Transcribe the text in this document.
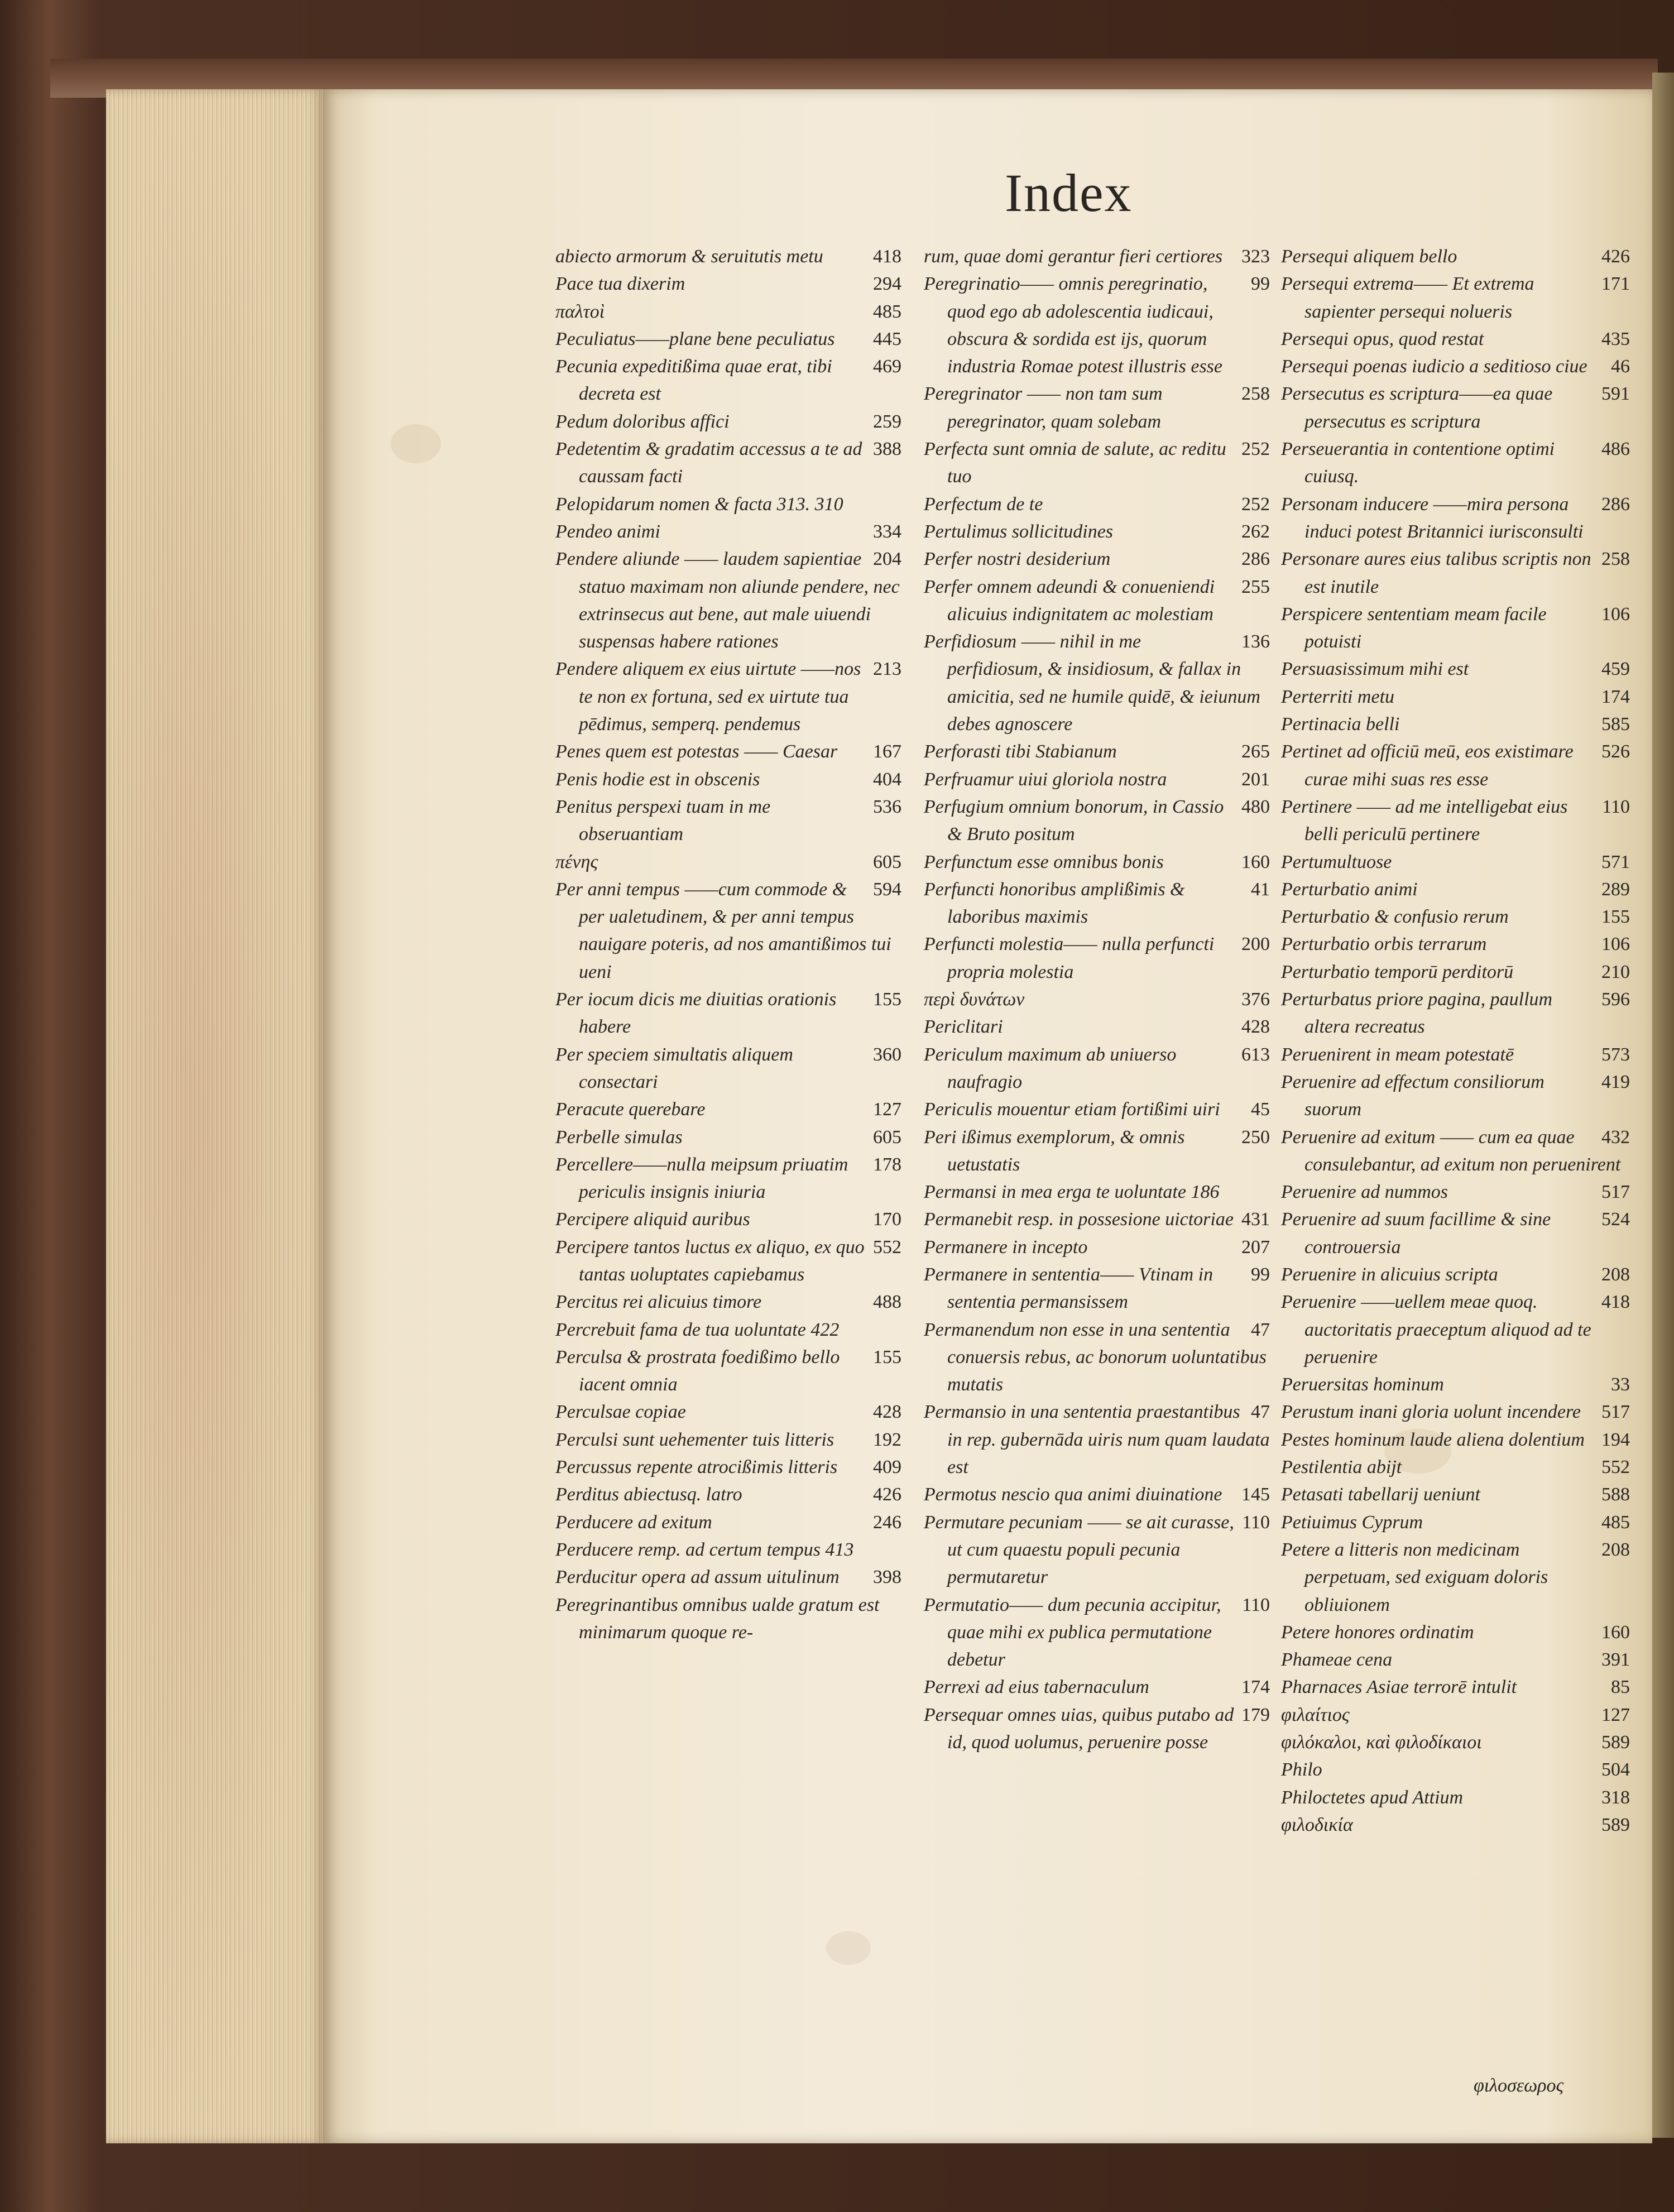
Index
418
abiecto armorum & seruitutis metu
294
Pace tua dixerim
485
παλτοὶ
445
Peculiatus——plane bene peculiatus
469
Pecunia expeditißima quae erat, tibi decreta est
259
Pedum doloribus affici
388
Pedetentim & gradatim accessus a te ad caussam facti
Pelopidarum nomen & facta 313. 310
334
Pendeo animi
204
Pendere aliunde —— laudem sapientiae statuo maximam non aliunde pendere, nec extrinsecus aut bene, aut male uiuendi suspensas habere rationes
213
Pendere aliquem ex eius uirtute ——nos te non ex fortuna, sed ex uirtute tua pēdimus, semperq. pendemus
167
Penes quem est potestas —— Caesar
404
Penis hodie est in obscenis
536
Penitus perspexi tuam in me obseruantiam
605
πένης
594
Per anni tempus ——cum commode & per ualetudinem, & per anni tempus nauigare poteris, ad nos amantißimos tui ueni
155
Per iocum dicis me diuitias orationis habere
360
Per speciem simultatis aliquem consectari
127
Peracute querebare
605
Perbelle simulas
178
Percellere——nulla meipsum priuatim periculis insignis iniuria
170
Percipere aliquid auribus
552
Percipere tantos luctus ex aliquo, ex quo tantas uoluptates capiebamus
488
Percitus rei alicuius timore
Percrebuit fama de tua uoluntate 422
155
Perculsa & prostrata foedißimo bello iacent omnia
428
Perculsae copiae
192
Perculsi sunt uehementer tuis litteris
409
Percussus repente atrocißimis litteris
426
Perditus abiectusq. latro
246
Perducere ad exitum
Perducere remp. ad certum tempus 413
398
Perducitur opera ad assum uitulinum
Peregrinantibus omnibus ualde gratum est minimarum quoque re-
323
rum, quae domi gerantur fieri certiores
99
Peregrinatio—— omnis peregrinatio, quod ego ab adolescentia iudicaui, obscura & sordida est ijs, quorum industria Romae potest illustris esse
258
Peregrinator —— non tam sum peregrinator, quam solebam
252
Perfecta sunt omnia de salute, ac reditu tuo
252
Perfectum de te
262
Pertulimus sollicitudines
286
Perfer nostri desiderium
255
Perfer omnem adeundi & conueniendi alicuius indignitatem ac molestiam
136
Perfidiosum —— nihil in me perfidiosum, & insidiosum, & fallax in amicitia, sed ne humile quidē, & ieiunum debes agnoscere
265
Perforasti tibi Stabianum
201
Perfruamur uiui gloriola nostra
480
Perfugium omnium bonorum, in Cassio & Bruto positum
160
Perfunctum esse omnibus bonis
41
Perfuncti honoribus amplißimis & laboribus maximis
200
Perfuncti molestia—— nulla perfuncti propria molestia
376
περὶ δυνάτων
428
Periclitari
613
Periculum maximum ab uniuerso naufragio
45
Periculis mouentur etiam fortißimi uiri
250
Peri ißimus exemplorum, & omnis uetustatis
Permansi in mea erga te uoluntate 186
431
Permanebit resp. in possesione uictoriae
207
Permanere in incepto
99
Permanere in sententia—— Vtinam in sententia permansissem
47
Permanendum non esse in una sententia conuersis rebus, ac bonorum uoluntatibus mutatis
47
Permansio in una sententia praestantibus in rep. gubernāda uiris num quam laudata est
145
Permotus nescio qua animi diuinatione
110
Permutare pecuniam —— se ait curasse, ut cum quaestu populi pecunia permutaretur
110
Permutatio—— dum pecunia accipitur, quae mihi ex publica permutatione debetur
174
Perrexi ad eius tabernaculum
179
Persequar omnes uias, quibus putabo ad id, quod uolumus, peruenire posse
426
Persequi aliquem bello
171
Persequi extrema—— Et extrema sapienter persequi nolueris
435
Persequi opus, quod restat
46
Persequi poenas iudicio a seditioso ciue
591
Persecutus es scriptura——ea quae persecutus es scriptura
486
Perseuerantia in contentione optimi cuiusq.
286
Personam inducere ——mira persona induci potest Britannici iurisconsulti
258
Personare aures eius talibus scriptis non est inutile
106
Perspicere sententiam meam facile potuisti
459
Persuasissimum mihi est
174
Perterriti metu
585
Pertinacia belli
526
Pertinet ad officiū meū, eos existimare curae mihi suas res esse
110
Pertinere —— ad me intelligebat eius belli periculū pertinere
571
Pertumultuose
289
Perturbatio animi
155
Perturbatio & confusio rerum
106
Perturbatio orbis terrarum
210
Perturbatio temporū perditorū
596
Perturbatus priore pagina, paullum altera recreatus
573
Peruenirent in meam potestatē
419
Peruenire ad effectum consiliorum suorum
432
Peruenire ad exitum —— cum ea quae consulebantur, ad exitum non peruenirent
517
Peruenire ad nummos
524
Peruenire ad suum facillime & sine controuersia
208
Peruenire in alicuius scripta
418
Peruenire ——uellem meae quoq. auctoritatis praeceptum aliquod ad te peruenire
33
Peruersitas hominum
517
Perustum inani gloria uolunt incendere
194
Pestes hominum laude aliena dolentium
552
Pestilentia abijt
588
Petasati tabellarij ueniunt
485
Petiuimus Cyprum
208
Petere a litteris non medicinam perpetuam, sed exiguam doloris obliuionem
160
Petere honores ordinatim
391
Phameae cena
85
Pharnaces Asiae terrorē intulit
127
φιλαίτιος
589
φιλόκαλοι, καὶ φιλοδίκαιοι
504
Philo
318
Philoctetes apud Attium
589
φιλοδικία
φιλοσεωρος
